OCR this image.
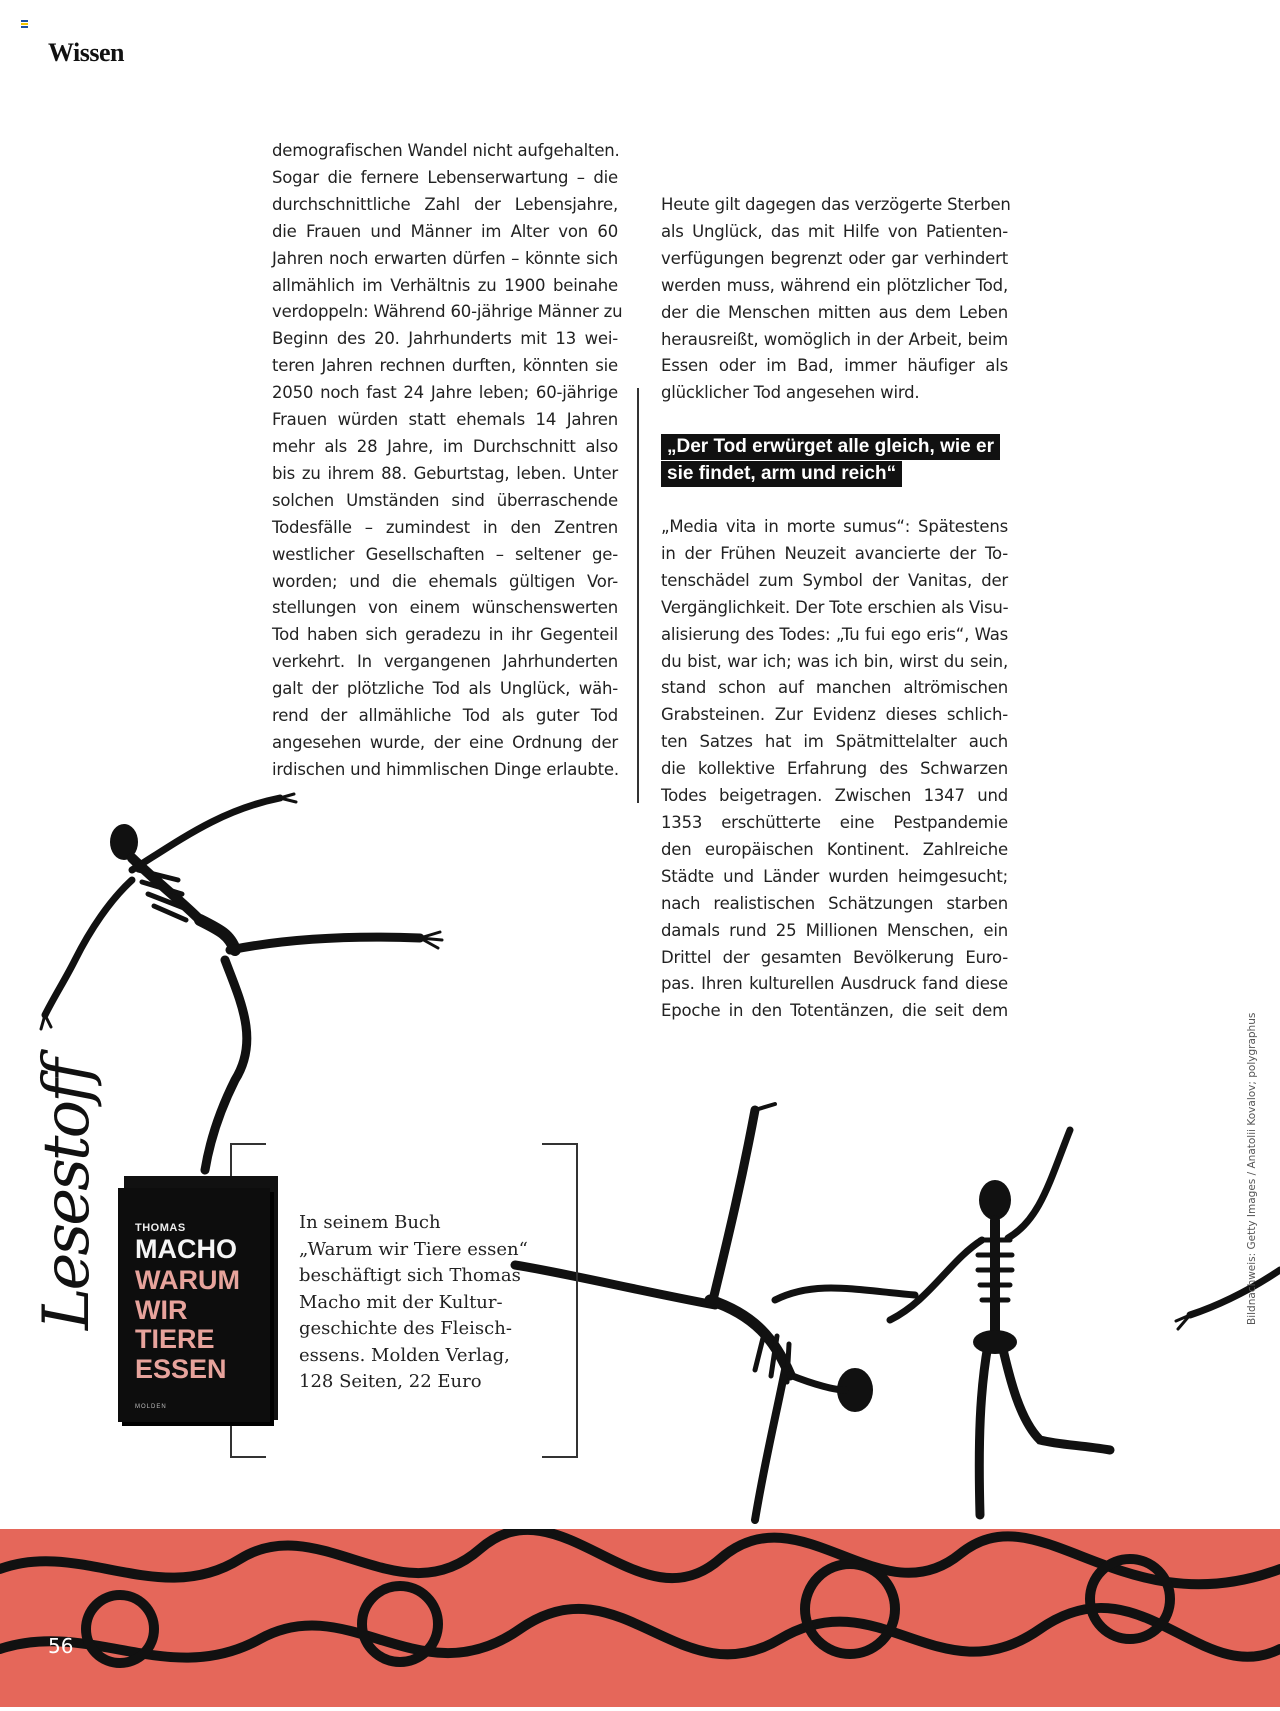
Wissen
demografischen Wandel nicht aufgehalten.
Sogar die fernere Lebenserwartung – die
durchschnittliche Zahl der Lebensjahre,
die Frauen und Männer im Alter von 60
Jahren noch erwarten dürfen – könnte sich
allmählich im Verhältnis zu 1900 beinahe
verdoppeln: Während 60-jährige Männer zu
Beginn des 20. Jahrhunderts mit 13 wei-
teren Jahren rechnen durften, könnten sie
2050 noch fast 24 Jahre leben; 60-jährige
Frauen würden statt ehemals 14 Jahren
mehr als 28 Jahre, im Durchschnitt also
bis zu ihrem 88. Geburtstag, leben. Unter
solchen Umständen sind überraschende
Todesfälle – zumindest in den Zentren
westlicher Gesellschaften – seltener ge-
worden; und die ehemals gültigen Vor-
stellungen von einem wünschenswerten
Tod haben sich geradezu in ihr Gegenteil
verkehrt. In vergangenen Jahrhunderten
galt der plötzliche Tod als Unglück, wäh-
rend der allmähliche Tod als guter Tod
angesehen wurde, der eine Ordnung der
irdischen und himmlischen Dinge erlaubte.
Heute gilt dagegen das verzögerte Sterben
als Unglück, das mit Hilfe von Patienten-
verfügungen begrenzt oder gar verhindert
werden muss, während ein plötzlicher Tod,
der die Menschen mitten aus dem Leben
herausreißt, womöglich in der Arbeit, beim
Essen oder im Bad, immer häufiger als
glücklicher Tod angesehen wird.
„Der Tod erwürget alle gleich, wie er
sie findet, arm und reich“
„Media vita in morte sumus“: Spätestens
in der Frühen Neuzeit avancierte der To-
tenschädel zum Symbol der Vanitas, der
Vergänglichkeit. Der Tote erschien als Visu-
alisierung des Todes: „Tu fui ego eris“, Was
du bist, war ich; was ich bin, wirst du sein,
stand schon auf manchen altrömischen
Grabsteinen. Zur Evidenz dieses schlich-
ten Satzes hat im Spätmittelalter auch
die kollektive Erfahrung des Schwarzen
Todes beigetragen. Zwischen 1347 und
1353 erschütterte eine Pestpandemie
den europäischen Kontinent. Zahlreiche
Städte und Länder wurden heimgesucht;
nach realistischen Schätzungen starben
damals rund 25 Millionen Menschen, ein
Drittel der gesamten Bevölkerung Euro-
pas. Ihren kulturellen Ausdruck fand diese
Epoche in den Totentänzen, die seit dem
Lesestoff	THOMAS
MACHO
WARUM
WIR
TIERE
ESSEN
MOLDEN
In seinem Buch
„Warum wir Tiere essen“
beschäftigt sich Thomas
Macho mit der Kultur-
geschichte des Fleisch-
essens. Molden Verlag,
128 Seiten, 22 Euro
56
Bildnachweis: Getty Images / Anatolii Kovalov; polygraphus
